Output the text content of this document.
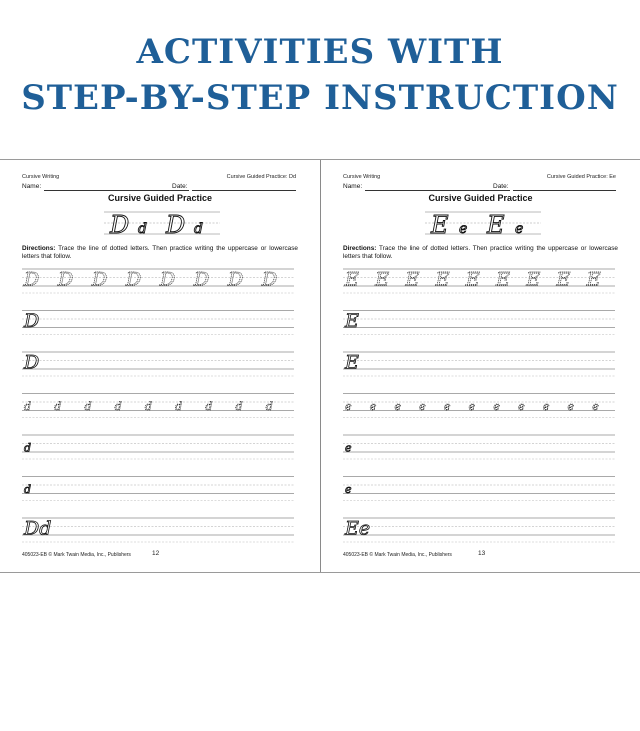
ACTIVITIES WITH
STEP-BY-STEP INSTRUCTION
Cursive Writing	Cursive Guided Practice: Dd
Name:	Date:
Cursive Guided Practice
D d D d
Directions: Trace the line of dotted letters. Then practice writing the uppercase or lowercase letters that follow.
D D D D D D D D
D
D
d d d d d d d d d
d
d
Dd
405023-EB © Mark Twain Media, Inc., Publishers	12
Cursive Writing	Cursive Guided Practice: Ee
Name:	Date:
Cursive Guided Practice
E e E e
Directions: Trace the line of dotted letters. Then practice writing the uppercase or lowercase letters that follow.
E E E E E E E E E
E
E
e e e e e e e e e e e
e
e
Ee
405023-EB © Mark Twain Media, Inc., Publishers	13
